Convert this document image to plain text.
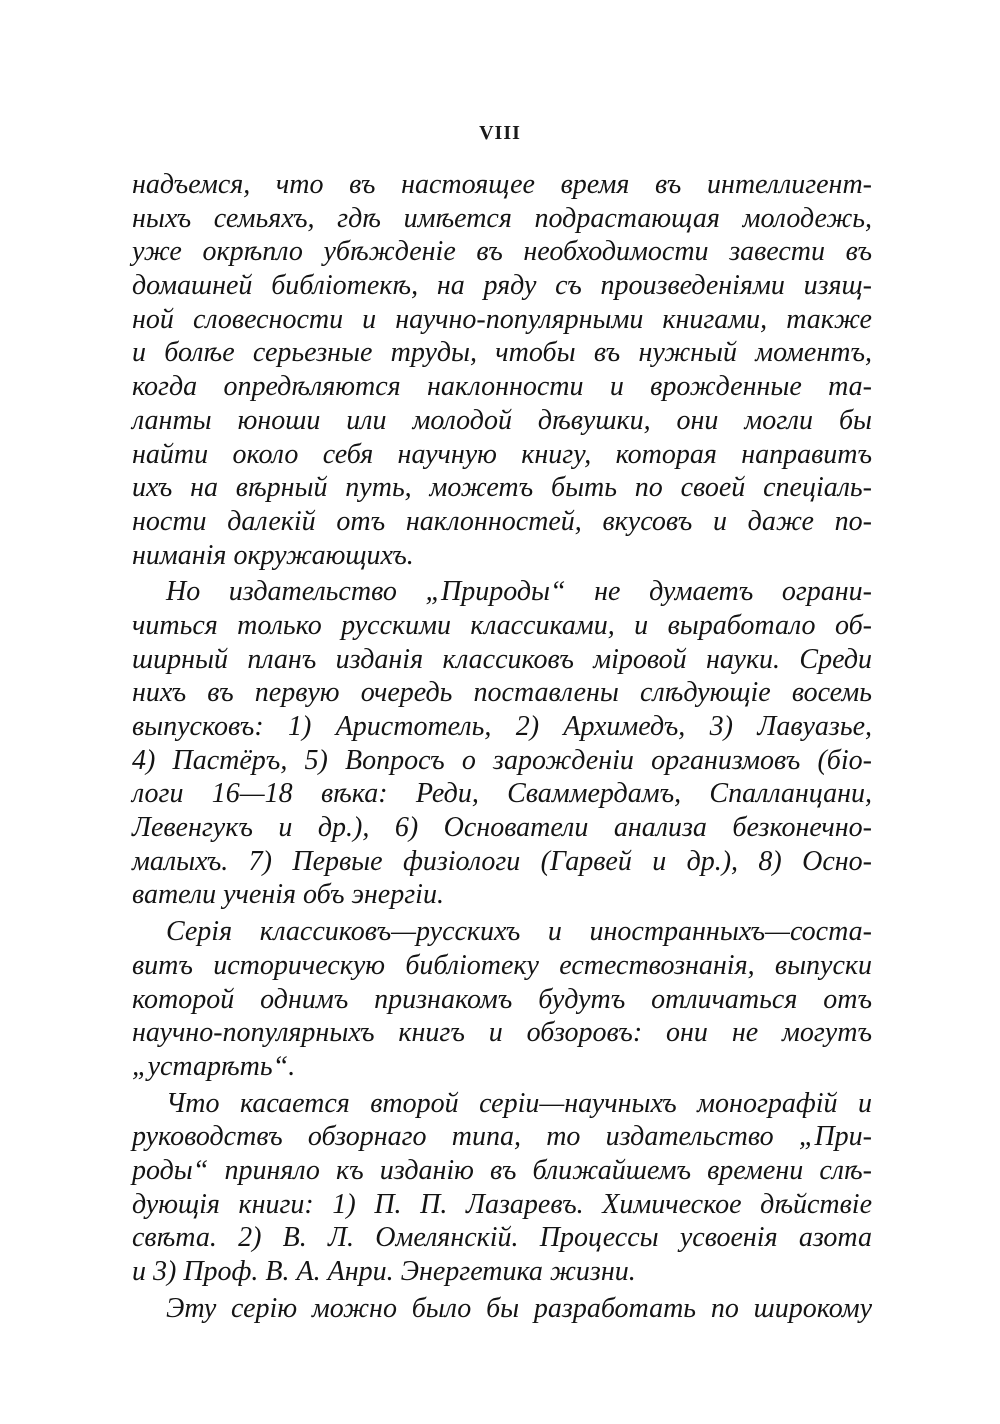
VIII
надъемся, что въ настоящее время въ интеллигент-
ныхъ семьяхъ, гдѣ имѣется подрастающая молодежь,
уже окрѣпло убѣжденіе въ необходимости завести въ
домашней библіотекѣ, на ряду съ произведеніями изящ-
ной словесности и научно-популярными книгами, также
и болѣе серьезные труды, чтобы въ нужный моментъ,
когда опредѣляются наклонности и врожденные та-
ланты юноши или молодой дѣвушки, они могли бы
найти около себя научную книгу, которая направитъ
ихъ на вѣрный путь, можетъ быть по своей спеціаль-
ности далекій отъ наклонностей, вкусовъ и даже по-
ниманія окружающихъ.
Но издательство „Природы“ не думаетъ ограни-
читься только русскими классиками, и выработало об-
ширный планъ изданія классиковъ міровой науки. Среди
нихъ въ первую очередь поставлены слѣдующіе восемь
выпусковъ: 1) Аристотель, 2) Архимедъ, 3) Лавуазье,
4) Пастёръ, 5) Вопросъ о зарожденіи организмовъ (біо-
логи 16—18 вѣка: Реди, Сваммердамъ, Спалланцани,
Левенгукъ и др.), 6) Основатели анализа безконечно-
малыхъ. 7) Первые физіологи (Гарвей и др.), 8) Осно-
ватели ученія объ энергіи.
Серія классиковъ—русскихъ и иностранныхъ—соста-
витъ историческую библіотеку естествознанія, выпуски
которой однимъ признакомъ будутъ отличаться отъ
научно-популярныхъ книгъ и обзоровъ: они не могутъ
„устарѣть“.
Что касается второй серіи—научныхъ монографій и
руководствъ обзорнаго типа, то издательство „При-
роды“ приняло къ изданію въ ближайшемъ времени слѣ-
дующія книги: 1) П. П. Лазаревъ. Химическое дѣйствіе
свѣта. 2) В. Л. Омелянскій. Процессы усвоенія азота
и 3) Проф. В. А. Анри. Энергетика жизни.
Эту серію можно было бы разработать по широкому
